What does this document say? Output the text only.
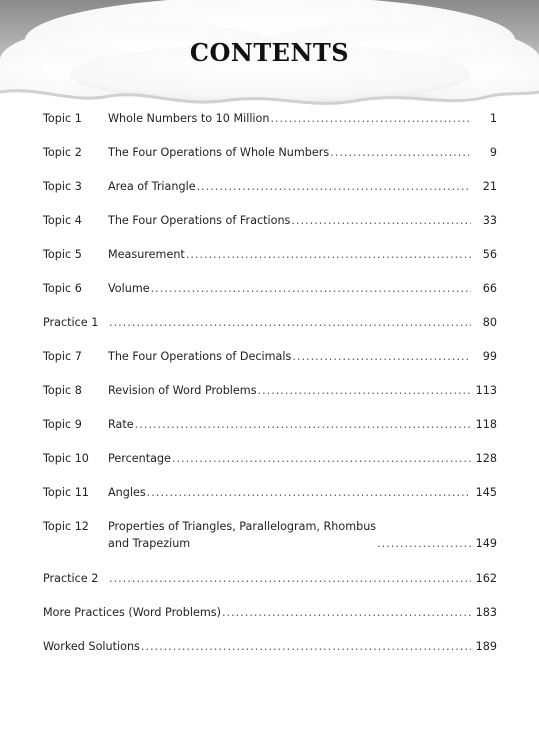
CONTENTS
Topic 1 Whole Numbers to 10 Million .....	1
Topic 2 The Four Operations of Whole Numbers .....	9
Topic 3 Area of Triangle .....	21
Topic 4 The Four Operations of Fractions .....	33
Topic 5 Measurement .....	56
Topic 6 Volume .....	66
Practice 1 .....	80
Topic 7 The Four Operations of Decimals .....	99
Topic 8 Revision of Word Problems .....	113
Topic 9 Rate .....	118
Topic 10 Percentage .....	128
Topic 11 Angles .....	145
Topic 12 Properties of Triangles, Parallelogram, Rhombus
and Trapezium .....	149
Practice 2 .....	162
More Practices (Word Problems) .....	183
Worked Solutions .....	189
